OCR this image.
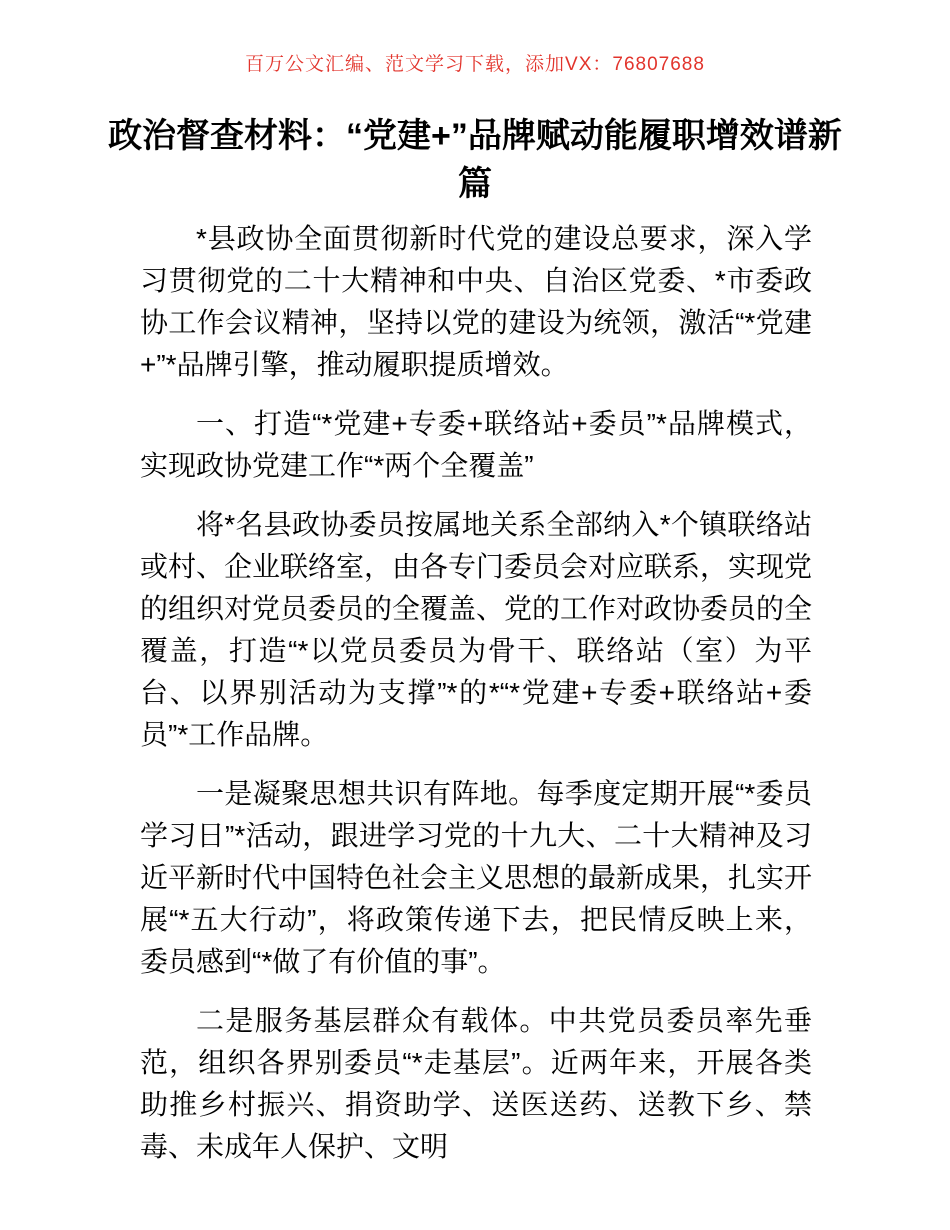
百万公文汇编、范文学习下载，添加VX：76807688
政治督查材料：“党建+”品牌赋动能履职增效谱新篇

*县政协全面贯彻新时代党的建设总要求，深入学习贯彻党的二十大精神和中央、自治区党委、*市委政协工作会议精神，坚持以党的建设为统领，激活“*党建+”*品牌引擎，推动履职提质增效。

一、打造“*党建+专委+联络站+委员”*品牌模式，实现政协党建工作“*两个全覆盖”

将*名县政协委员按属地关系全部纳入*个镇联络站或村、企业联络室，由各专门委员会对应联系，实现党的组织对党员委员的全覆盖、党的工作对政协委员的全覆盖，打造“*以党员委员为骨干、联络站（室）为平台、以界别活动为支撑”*的*“*党建+专委+联络站+委员”*工作品牌。

一是凝聚思想共识有阵地。每季度定期开展“*委员学习日”*活动，跟进学习党的十九大、二十大精神及习近平新时代中国特色社会主义思想的最新成果，扎实开展“*五大行动”，将政策传递下去，把民情反映上来，委员感到“*做了有价值的事”。

二是服务基层群众有载体。中共党员委员率先垂范，组织各界别委员“*走基层”。近两年来，开展各类助推乡村振兴、捐资助学、送医送药、送教下乡、禁毒、未成年人保护、文明
